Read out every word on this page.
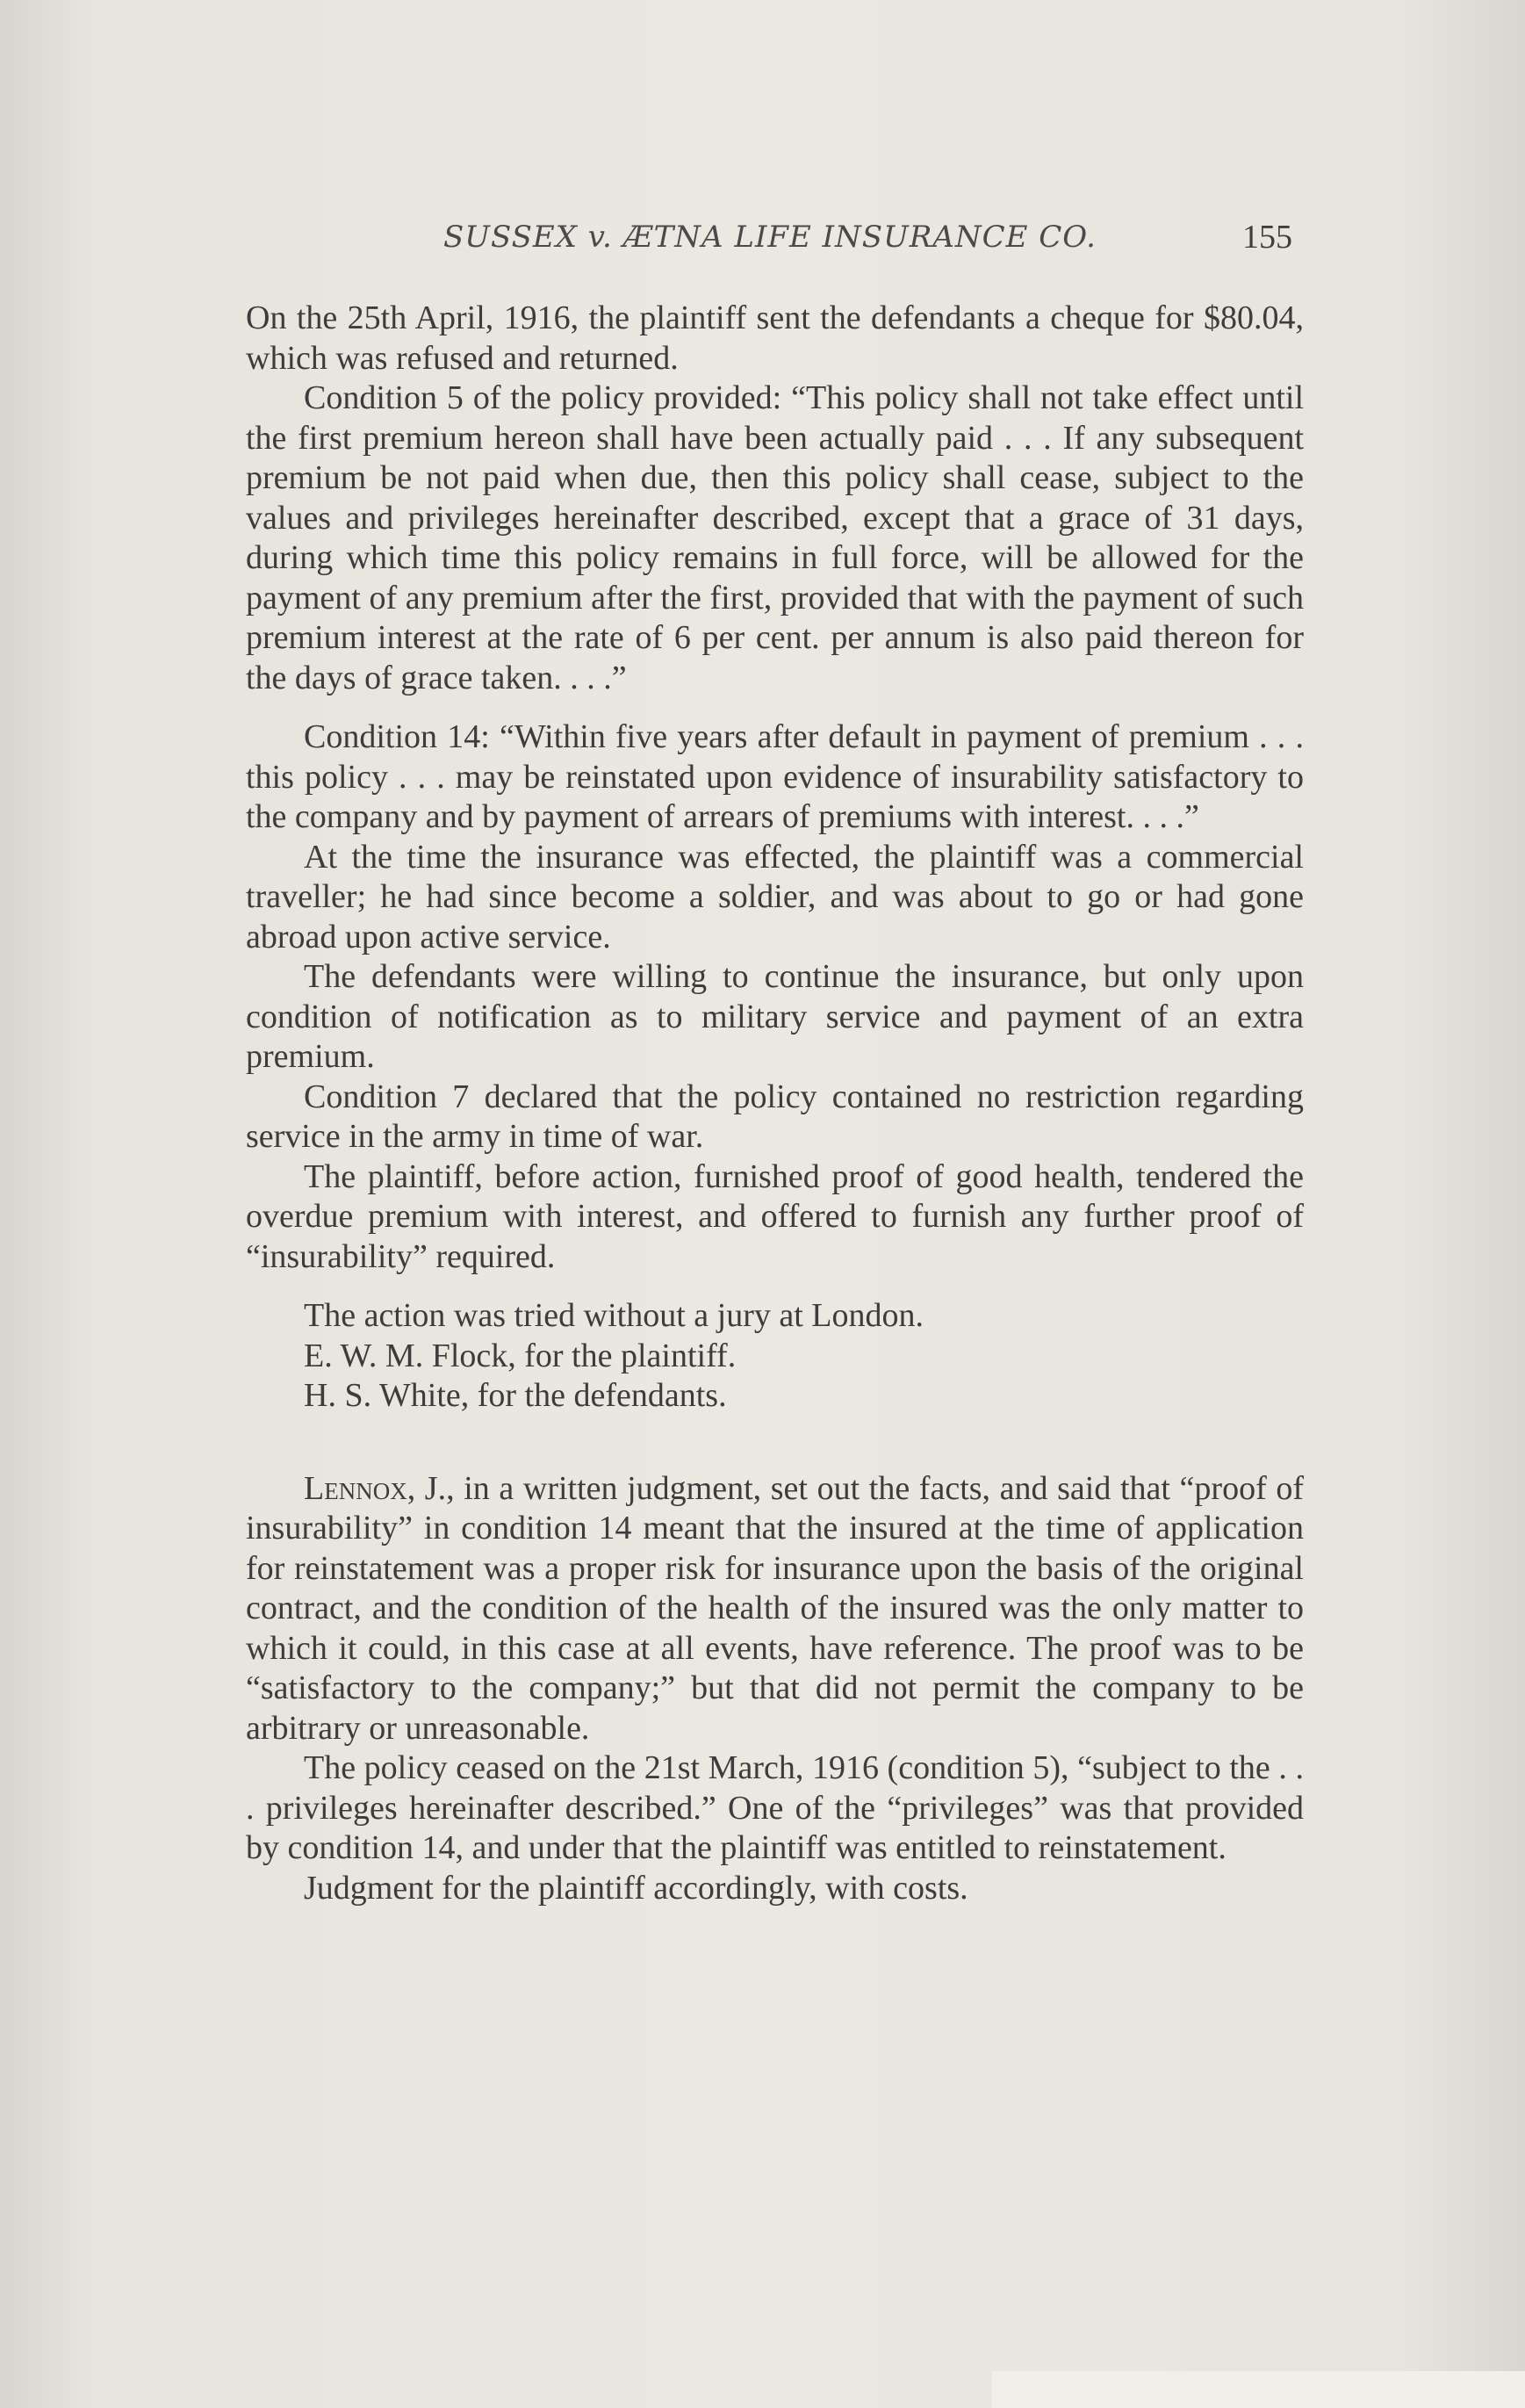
SUSSEX v. ÆTNA LIFE INSURANCE CO.	155

On the 25th April, 1916, the plaintiff sent the defendants a cheque for $80.04, which was refused and returned.

Condition 5 of the policy provided: “This policy shall not take effect until the first premium hereon shall have been actually paid . . . If any subsequent premium be not paid when due, then this policy shall cease, subject to the values and privileges hereinafter described, except that a grace of 31 days, during which time this policy remains in full force, will be allowed for the payment of any premium after the first, provided that with the payment of such premium interest at the rate of 6 per cent. per annum is also paid thereon for the days of grace taken. . . .”

Condition 14: “Within five years after default in payment of premium . . . this policy . . . may be reinstated upon evidence of insurability satisfactory to the company and by payment of arrears of premiums with interest. . . .”

At the time the insurance was effected, the plaintiff was a commercial traveller; he had since become a soldier, and was about to go or had gone abroad upon active service.

The defendants were willing to continue the insurance, but only upon condition of notification as to military service and payment of an extra premium.

Condition 7 declared that the policy contained no restriction regarding service in the army in time of war.

The plaintiff, before action, furnished proof of good health, tendered the overdue premium with interest, and offered to furnish any further proof of “insurability” required.

The action was tried without a jury at London.

E. W. M. Flock, for the plaintiff.

H. S. White, for the defendants.

Lennox, J., in a written judgment, set out the facts, and said that “proof of insurability” in condition 14 meant that the insured at the time of application for reinstatement was a proper risk for insurance upon the basis of the original contract, and the condition of the health of the insured was the only matter to which it could, in this case at all events, have reference. The proof was to be “satisfactory to the company;” but that did not permit the company to be arbitrary or unreasonable.

The policy ceased on the 21st March, 1916 (condition 5), “subject to the . . . privileges hereinafter described.” One of the “privileges” was that provided by condition 14, and under that the plaintiff was entitled to reinstatement.

Judgment for the plaintiff accordingly, with costs.
